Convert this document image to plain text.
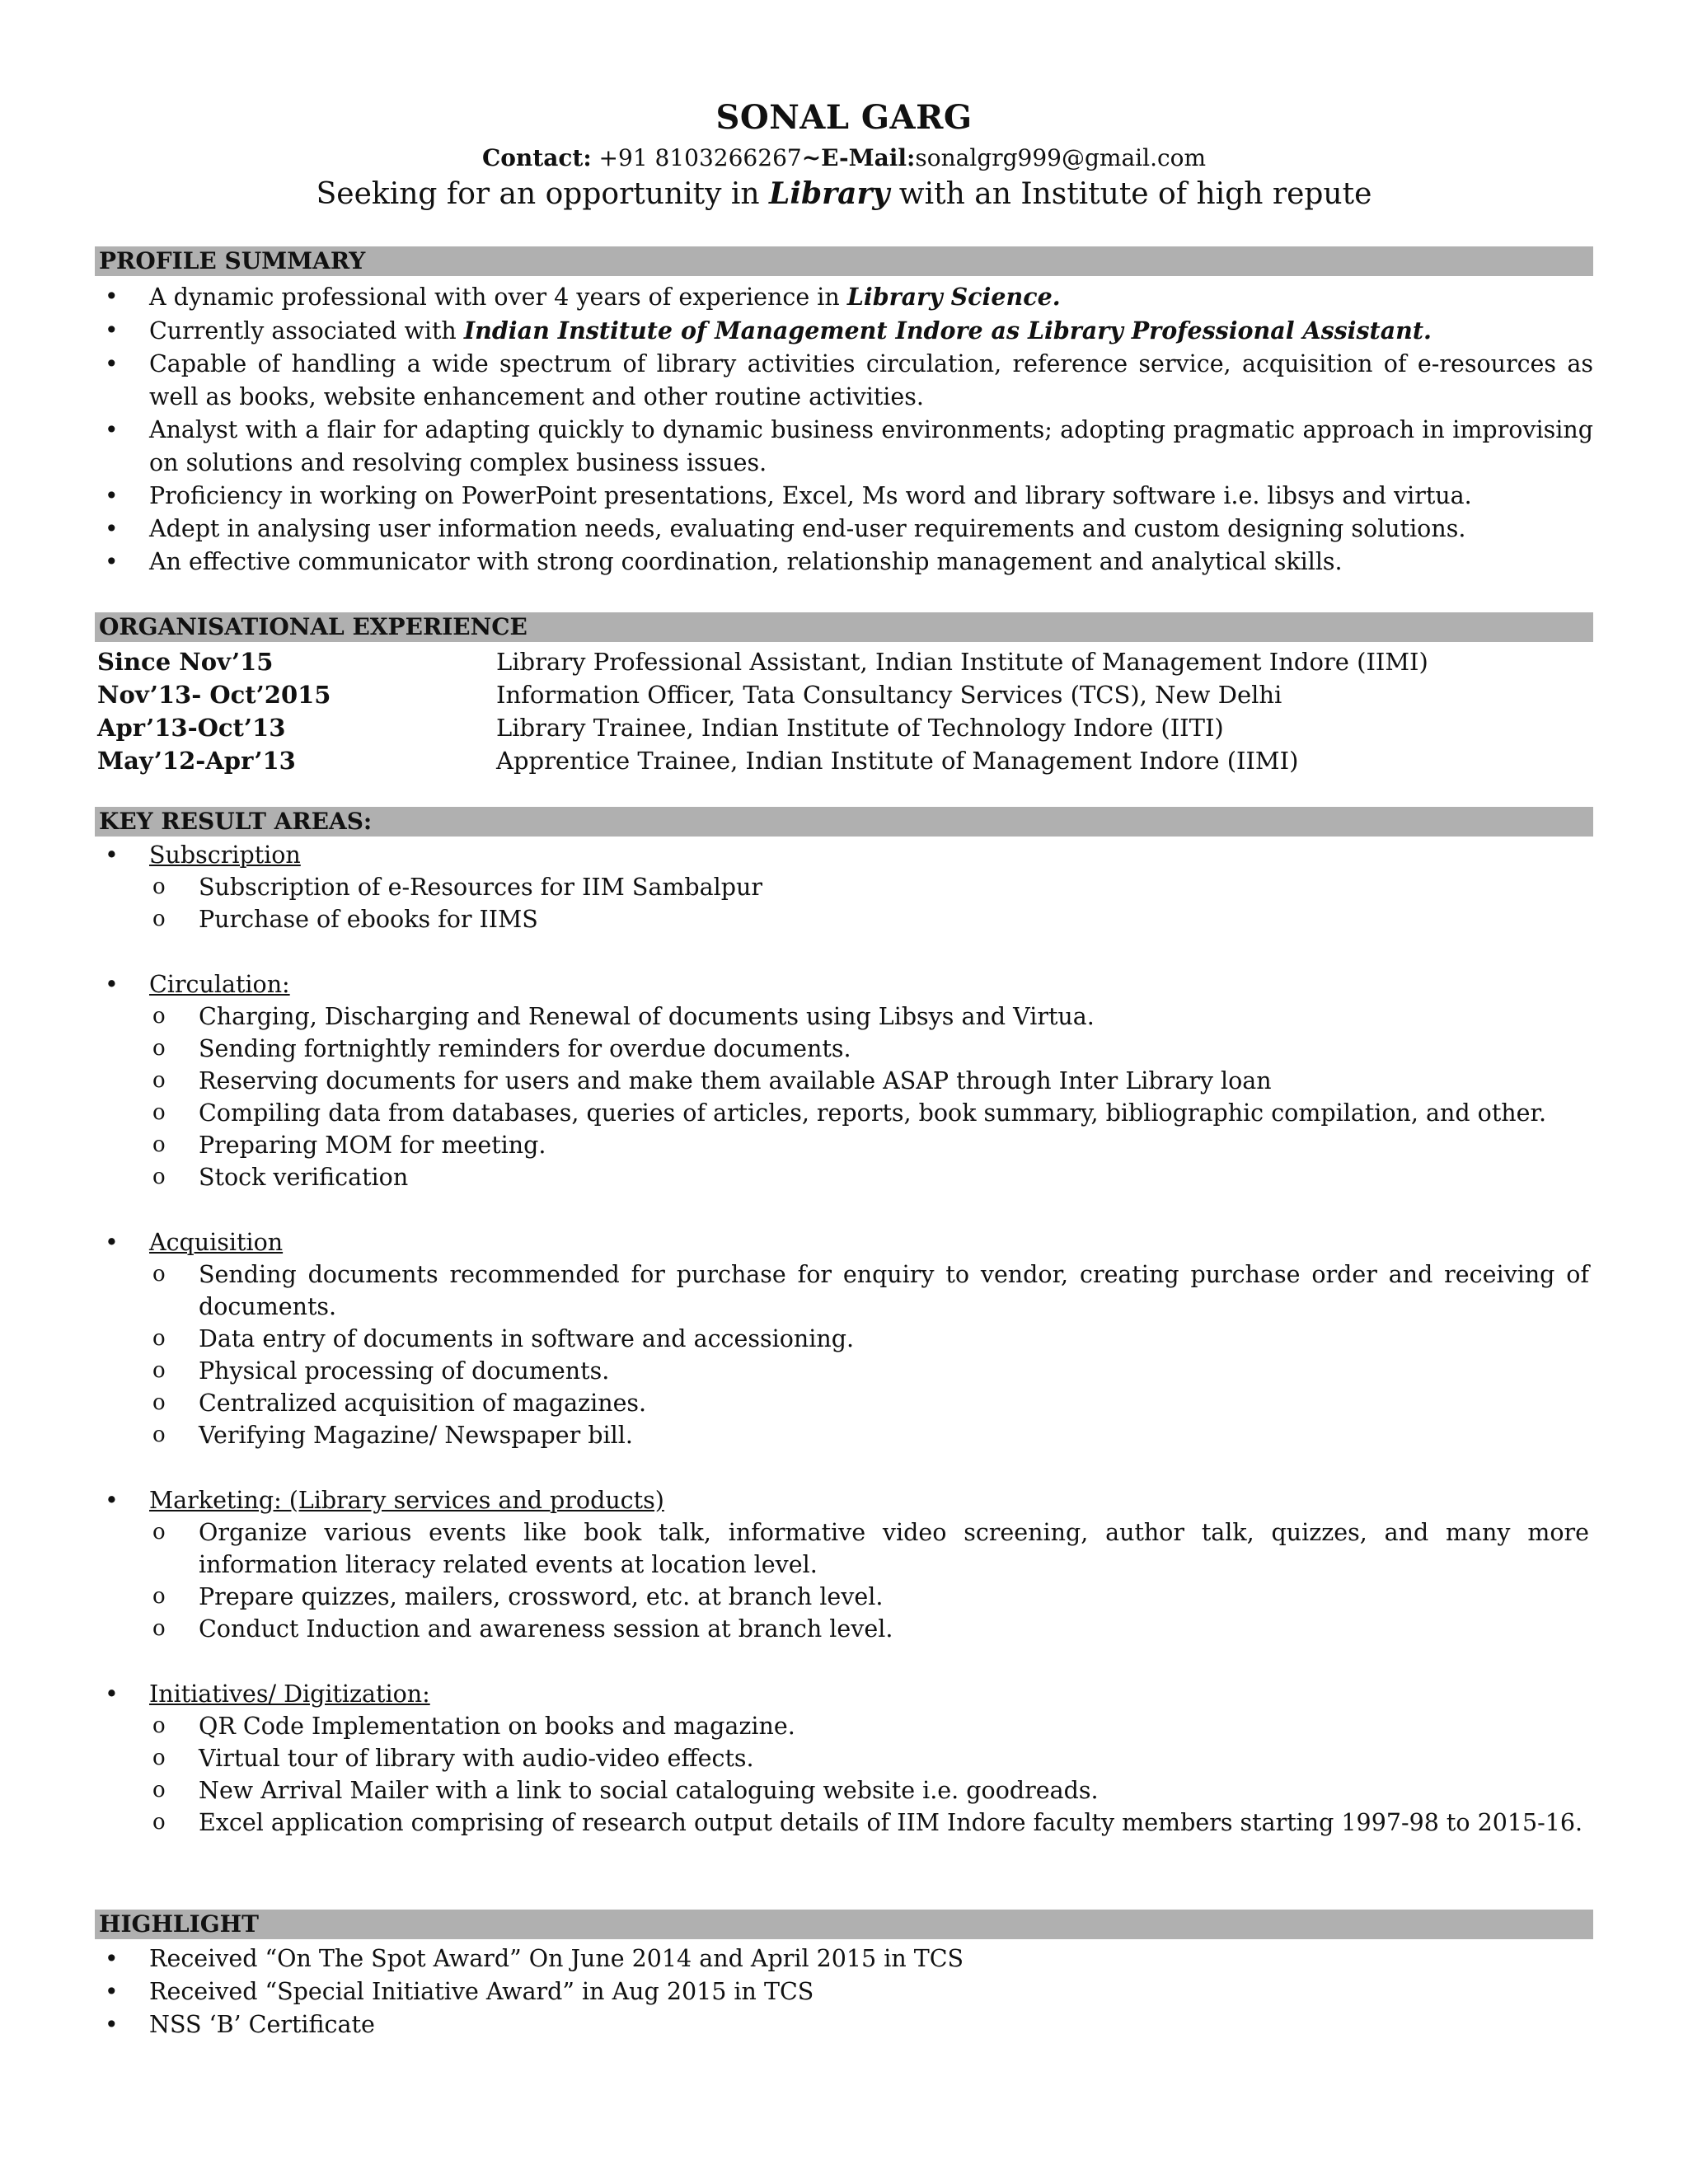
SONAL GARG
Contact: +91 8103266267~E-Mail:sonalgrg999@gmail.com
Seeking for an opportunity in Library with an Institute of high repute
PROFILE SUMMARY
• A dynamic professional with over 4 years of experience in Library Science.
• Currently associated with Indian Institute of Management Indore as Library Professional Assistant.
• Capable of handling a wide spectrum of library activities circulation, reference service, acquisition of e-resources as well as books, website enhancement and other routine activities.
• Analyst with a flair for adapting quickly to dynamic business environments; adopting pragmatic approach in improvising on solutions and resolving complex business issues.
• Proficiency in working on PowerPoint presentations, Excel, Ms word and library software i.e. libsys and virtua.
• Adept in analysing user information needs, evaluating end-user requirements and custom designing solutions.
• An effective communicator with strong coordination, relationship management and analytical skills.
ORGANISATIONAL EXPERIENCE
Since Nov’15	Library Professional Assistant, Indian Institute of Management Indore (IIMI)
Nov’13- Oct’2015	Information Officer, Tata Consultancy Services (TCS), New Delhi
Apr’13-Oct’13	Library Trainee, Indian Institute of Technology Indore (IITI)
May’12-Apr’13	Apprentice Trainee, Indian Institute of Management Indore (IIMI)
KEY RESULT AREAS:
• Subscription
o Subscription of e-Resources for IIM Sambalpur
o Purchase of ebooks for IIMS
• Circulation:
o Charging, Discharging and Renewal of documents using Libsys and Virtua.
o Sending fortnightly reminders for overdue documents.
o Reserving documents for users and make them available ASAP through Inter Library loan
o Compiling data from databases, queries of articles, reports, book summary, bibliographic compilation, and other.
o Preparing MOM for meeting.
o Stock verification
• Acquisition
o Sending documents recommended for purchase for enquiry to vendor, creating purchase order and receiving of documents.
o Data entry of documents in software and accessioning.
o Physical processing of documents.
o Centralized acquisition of magazines.
o Verifying Magazine/ Newspaper bill.
• Marketing: (Library services and products)
o Organize various events like book talk, informative video screening, author talk, quizzes, and many more information literacy related events at location level.
o Prepare quizzes, mailers, crossword, etc. at branch level.
o Conduct Induction and awareness session at branch level.
• Initiatives/ Digitization:
o QR Code Implementation on books and magazine.
o Virtual tour of library with audio-video effects.
o New Arrival Mailer with a link to social cataloguing website i.e. goodreads.
o Excel application comprising of research output details of IIM Indore faculty members starting 1997-98 to 2015-16.
HIGHLIGHT
• Received “On The Spot Award” On June 2014 and April 2015 in TCS
• Received “Special Initiative Award” in Aug 2015 in TCS
• NSS ‘B’ Certificate
